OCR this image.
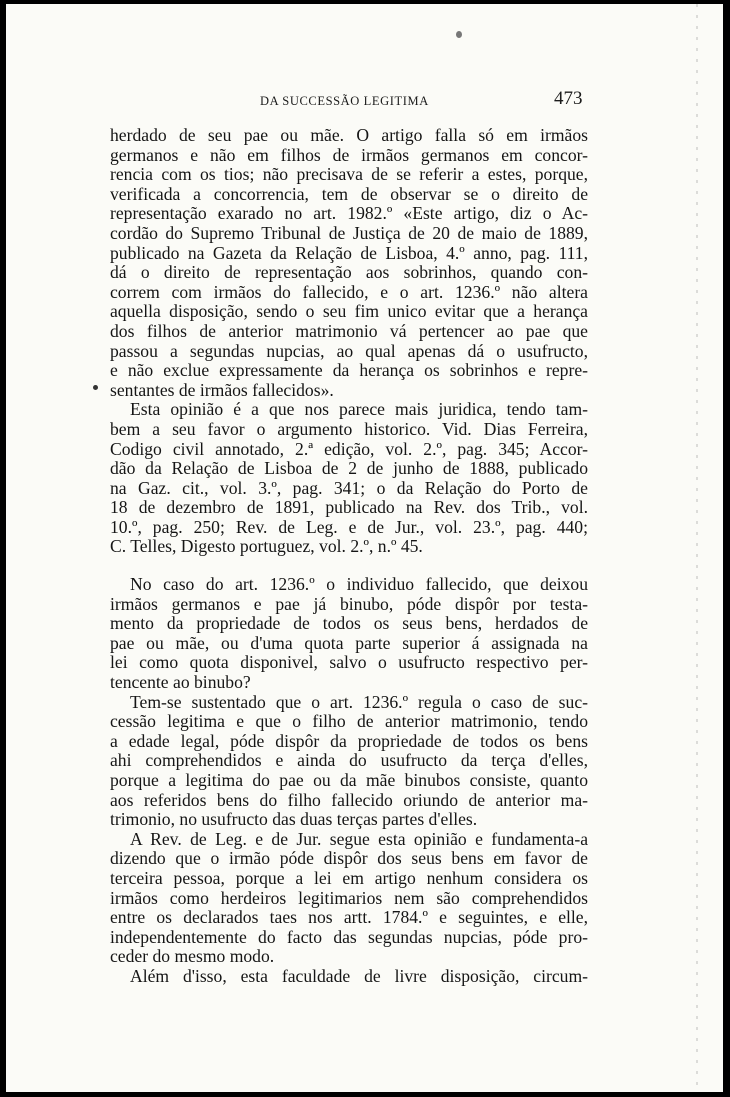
DA SUCCESSÃO LEGITIMA	473
herdado de seu pae ou mãe. O artigo falla só em irmãos
germanos e não em filhos de irmãos germanos em concor-
rencia com os tios; não precisava de se referir a estes, porque,
verificada a concorrencia, tem de observar se o direito de
representação exarado no art. 1982.º «Este artigo, diz o Ac-
cordão do Supremo Tribunal de Justiça de 20 de maio de 1889,
publicado na Gazeta da Relação de Lisboa, 4.º anno, pag. 111,
dá o direito de representação aos sobrinhos, quando con-
correm com irmãos do fallecido, e o art. 1236.º não altera
aquella disposição, sendo o seu fim unico evitar que a herança
dos filhos de anterior matrimonio vá pertencer ao pae que
passou a segundas nupcias, ao qual apenas dá o usufructo,
e não exclue expressamente da herança os sobrinhos e repre-
sentantes de irmãos fallecidos».
Esta opinião é a que nos parece mais juridica, tendo tam-
bem a seu favor o argumento historico. Vid. Dias Ferreira,
Codigo civil annotado, 2.ª edição, vol. 2.º, pag. 345; Accor-
dão da Relação de Lisboa de 2 de junho de 1888, publicado
na Gaz. cit., vol. 3.º, pag. 341; o da Relação do Porto de
18 de dezembro de 1891, publicado na Rev. dos Trib., vol.
10.º, pag. 250; Rev. de Leg. e de Jur., vol. 23.º, pag. 440;
C. Telles, Digesto portuguez, vol. 2.º, n.º 45.
No caso do art. 1236.º o individuo fallecido, que deixou
irmãos germanos e pae já binubo, póde dispôr por testa-
mento da propriedade de todos os seus bens, herdados de
pae ou mãe, ou d'uma quota parte superior á assignada na
lei como quota disponivel, salvo o usufructo respectivo per-
tencente ao binubo?
Tem-se sustentado que o art. 1236.º regula o caso de suc-
cessão legitima e que o filho de anterior matrimonio, tendo
a edade legal, póde dispôr da propriedade de todos os bens
ahi comprehendidos e ainda do usufructo da terça d'elles,
porque a legitima do pae ou da mãe binubos consiste, quanto
aos referidos bens do filho fallecido oriundo de anterior ma-
trimonio, no usufructo das duas terças partes d'elles.
A Rev. de Leg. e de Jur. segue esta opinião e fundamenta-a
dizendo que o irmão póde dispôr dos seus bens em favor de
terceira pessoa, porque a lei em artigo nenhum considera os
irmãos como herdeiros legitimarios nem são comprehendidos
entre os declarados taes nos artt. 1784.º e seguintes, e elle,
independentemente do facto das segundas nupcias, póde pro-
ceder do mesmo modo.
Além d'isso, esta faculdade de livre disposição, circum-
